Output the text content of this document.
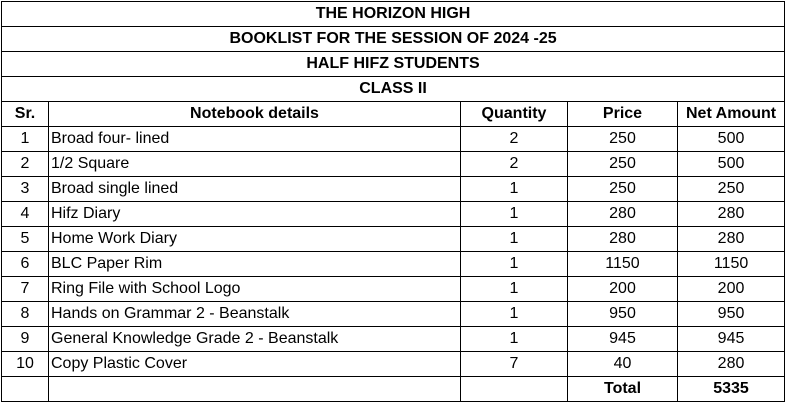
THE HORIZON HIGH				
BOOKLIST FOR THE SESSION OF 2024 -25				
HALF HIFZ STUDENTS				
CLASS II				
Sr.	Notebook details	Quantity	Price	Net Amount
1	Broad four- lined	2	250	500
2	1/2 Square	2	250	500
3	Broad single lined	1	250	250
4	Hifz Diary	1	280	280
5	Home Work Diary	1	280	280
6	BLC Paper Rim	1	1150	1150
7	Ring File with School Logo	1	200	200
8	Hands on Grammar 2 - Beanstalk	1	950	950
9	General Knowledge Grade 2 - Beanstalk	1	945	945
10	Copy Plastic Cover	7	40	280
			Total	5335
